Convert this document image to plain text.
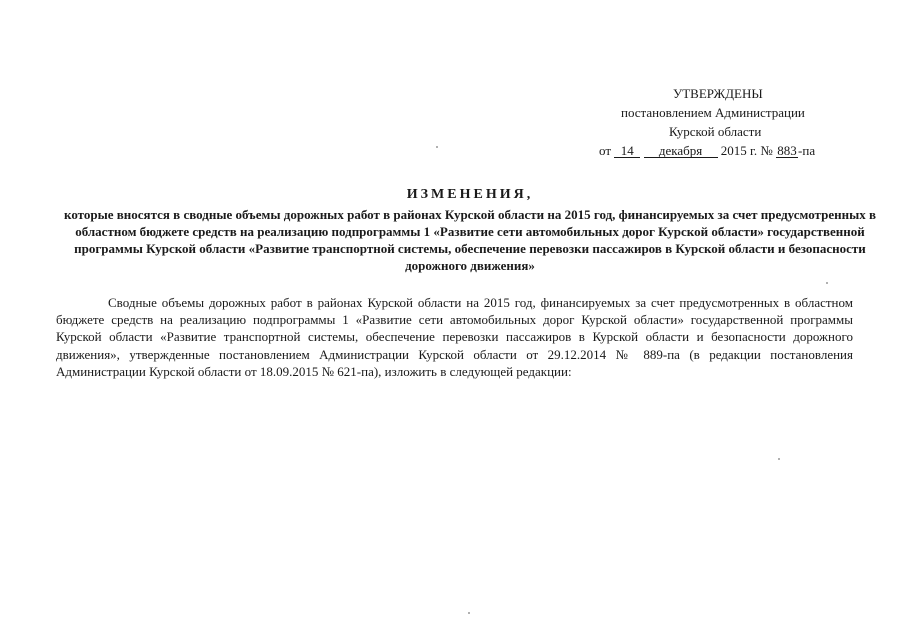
УТВЕРЖДЕНЫ
постановлением Администрации
Курской области
от 14 декабря 2015 г. № 883-па
ИЗМЕНЕНИЯ,
которые вносятся в сводные объемы дорожных работ в районах Курской области на 2015 год, финансируемых за счет предусмотренных в областном бюджете средств на реализацию подпрограммы 1 «Развитие сети автомобильных дорог Курской области» государственной программы Курской области «Развитие транспортной системы, обеспечение перевозки пассажиров в Курской области и безопасности дорожного движения»

Сводные объемы дорожных работ в районах Курской области на 2015 год, финансируемых за счет предусмотренных в областном бюджете средств на реализацию подпрограммы 1 «Развитие сети автомобильных дорог Курской области» государственной программы Курской области «Развитие транспортной системы, обеспечение перевозки пассажиров в Курской области и безопасности дорожного движения», утвержденные постановлением Администрации Курской области от 29.12.2014 № 889-па (в редакции постановления Администрации Курской области от 18.09.2015 № 621-па), изложить в следующей редакции:
